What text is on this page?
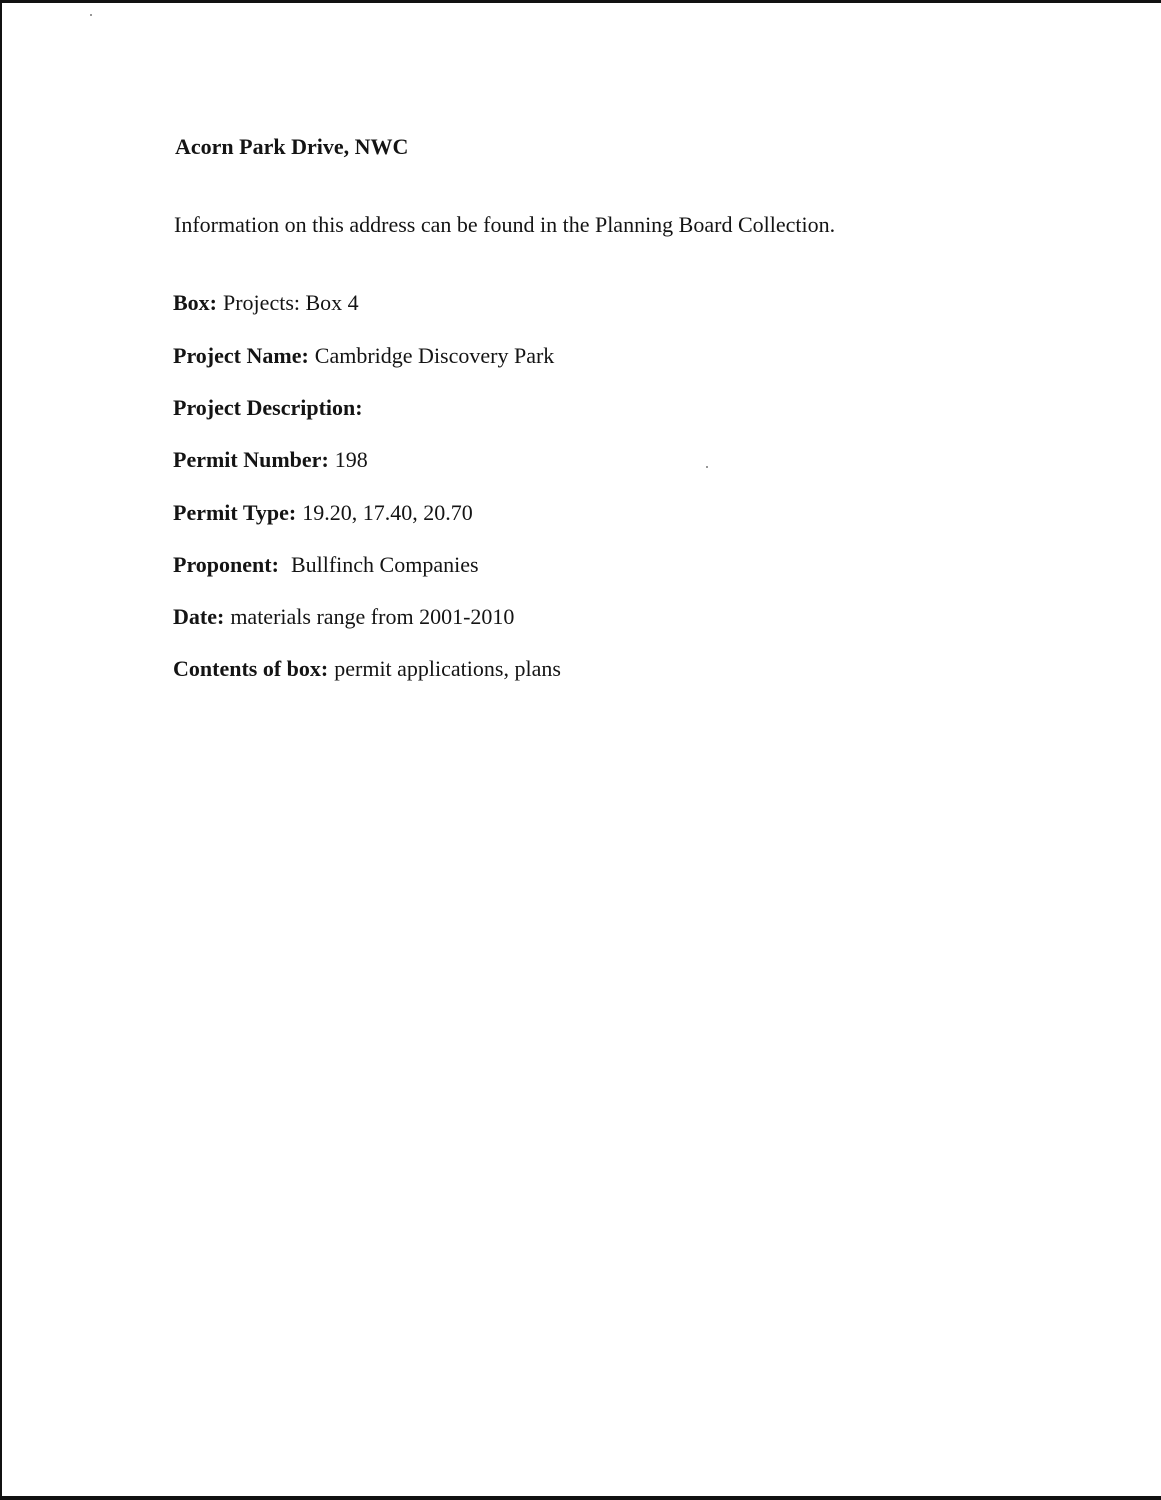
Acorn Park Drive, NWC

Information on this address can be found in the Planning Board Collection.

Box: Projects: Box 4

Project Name: Cambridge Discovery Park

Project Description:

Permit Number: 198

Permit Type: 19.20, 17.40, 20.70

Proponent: Bullfinch Companies

Date: materials range from 2001-2010

Contents of box: permit applications, plans
